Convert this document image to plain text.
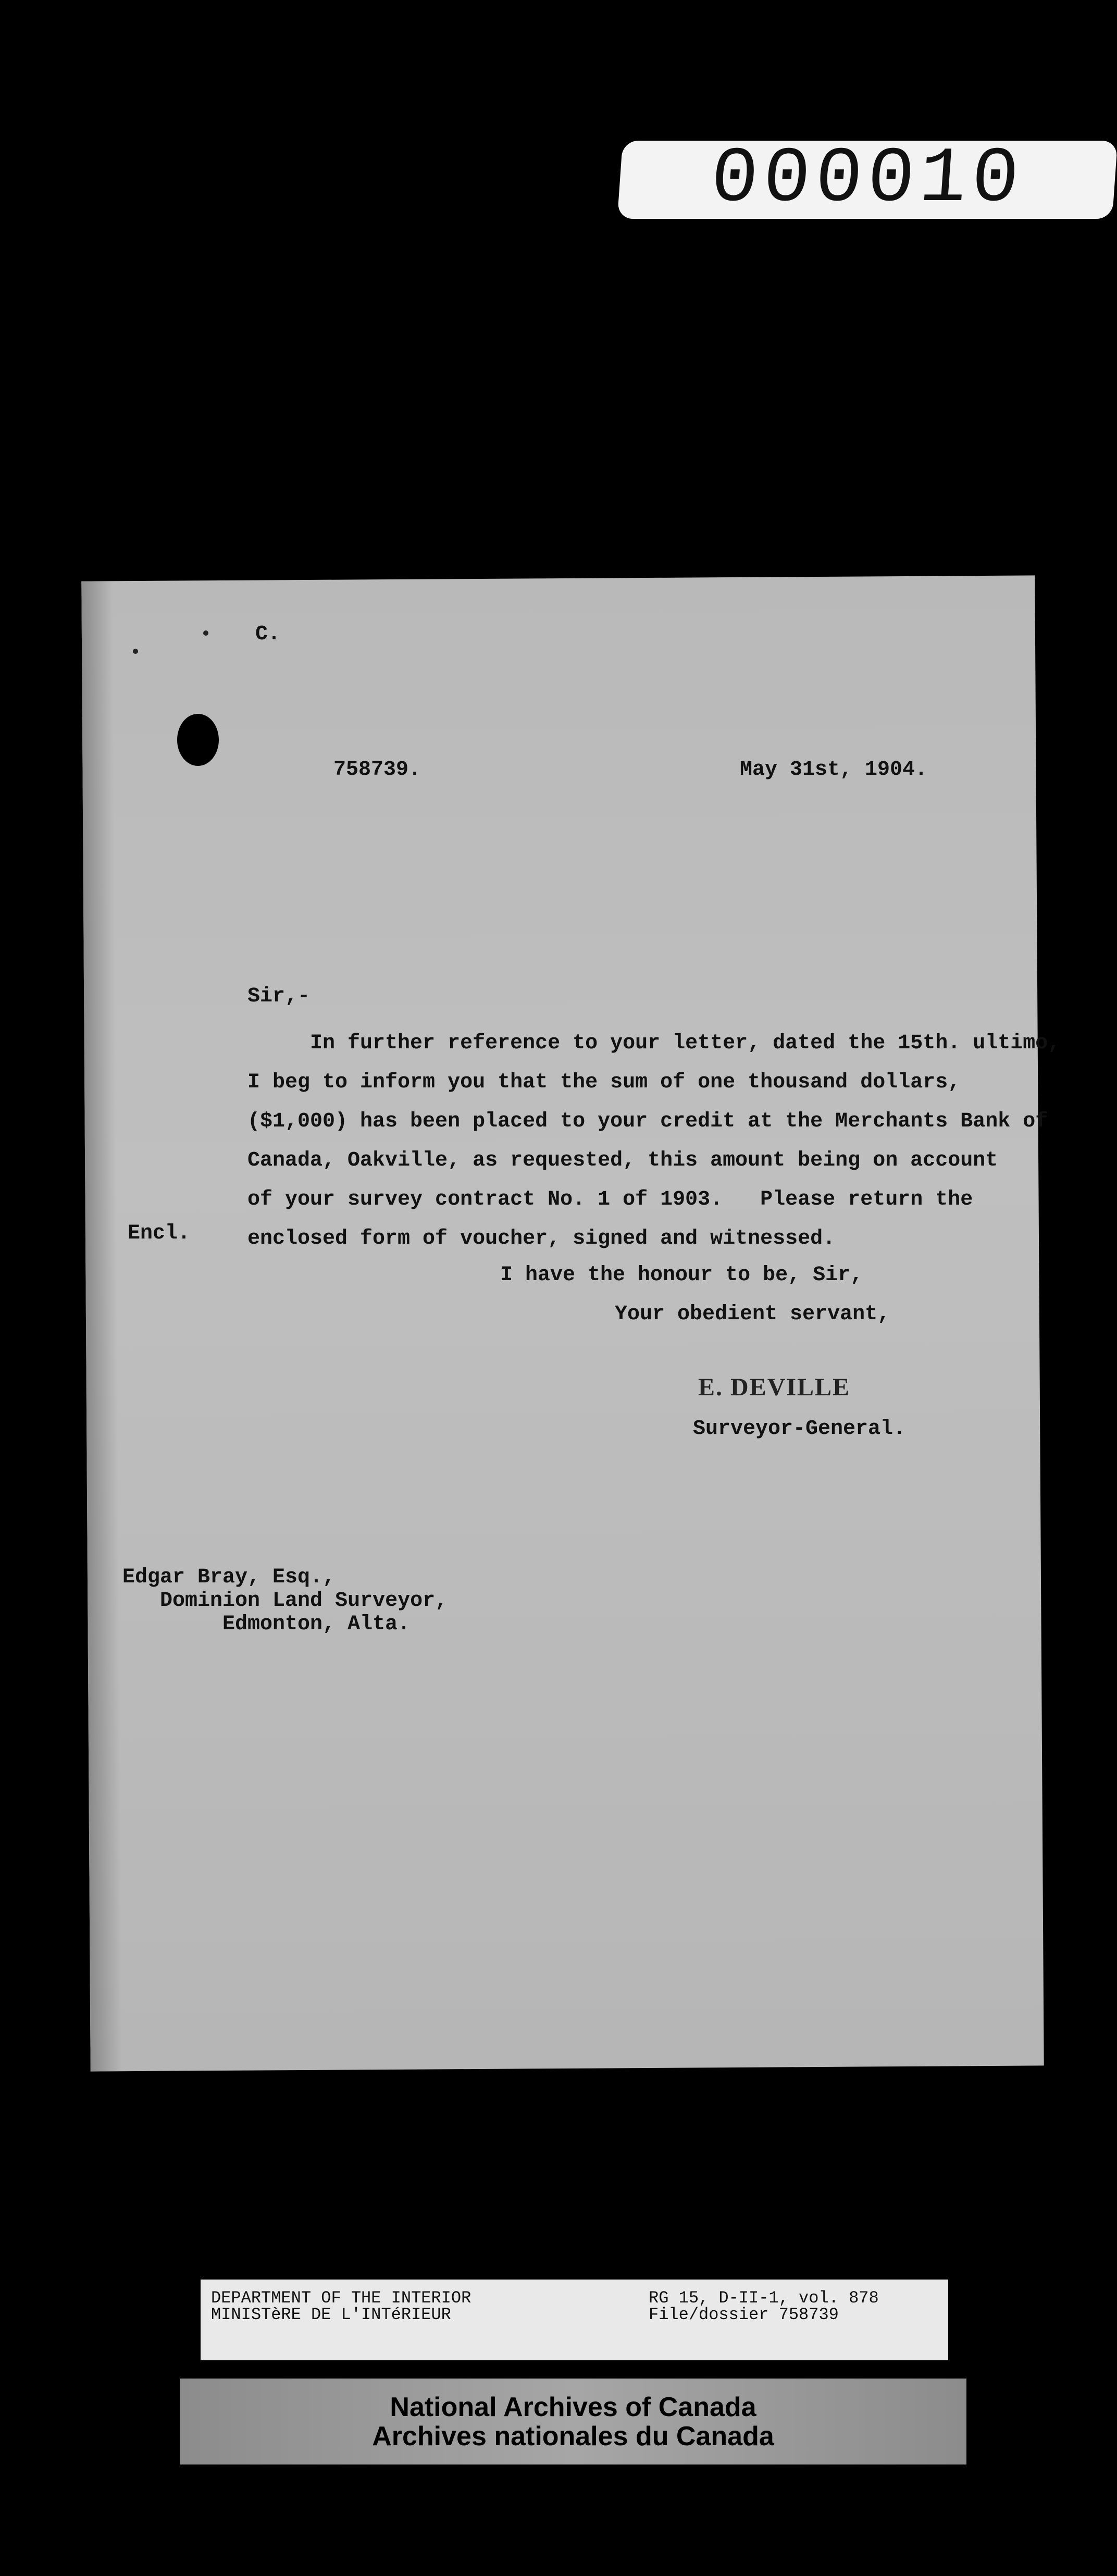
000010
C.
758739.	May 31st, 1904.
Sir,-
In further reference to your letter, dated the 15th. ultimo,
I beg to inform you that the sum of one thousand dollars,
($1,000) has been placed to your credit at the Merchants Bank of
Canada, Oakville, as requested, this amount being on account
of your survey contract No. 1 of 1903.   Please return the
enclosed form of voucher, signed and witnessed.
Encl.
I have the honour to be, Sir,
Your obedient servant,
E. DEVILLE
Surveyor-General.
Edgar Bray, Esq.,
Dominion Land Surveyor,
Edmonton, Alta.
DEPARTMENT OF THE INTERIOR
MINISTèRE DE L'INTéRIEUR
RG 15, D-II-1, vol. 878
File/dossier 758739
National Archives of Canada
Archives nationales du Canada
